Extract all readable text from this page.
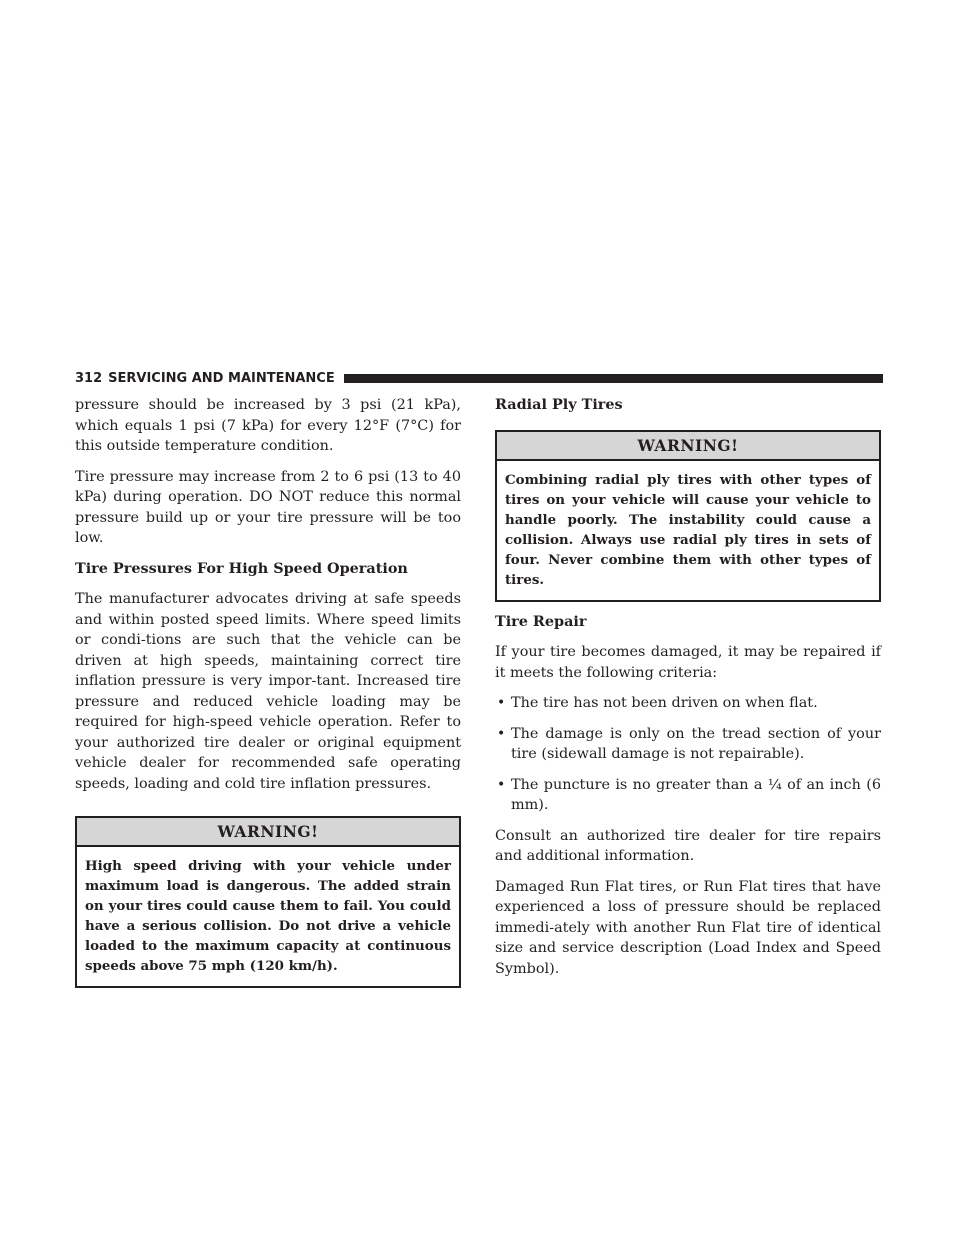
312 SERVICING AND MAINTENANCE

pressure should be increased by 3 psi (21 kPa), which equals 1 psi (7 kPa) for every 12°F (7°C) for this outside temperature condition.

Tire pressure may increase from 2 to 6 psi (13 to 40 kPa) during operation. DO NOT reduce this normal pressure build up or your tire pressure will be too low.

Tire Pressures For High Speed Operation

The manufacturer advocates driving at safe speeds and within posted speed limits. Where speed limits or condi-tions are such that the vehicle can be driven at high speeds, maintaining correct tire inflation pressure is very impor-tant. Increased tire pressure and reduced vehicle loading may be required for high-speed vehicle operation. Refer to your authorized tire dealer or original equipment vehicle dealer for recommended safe operating speeds, loading and cold tire inflation pressures.

WARNING!
High speed driving with your vehicle under maximum load is dangerous. The added strain on your tires could cause them to fail. You could have a serious collision. Do not drive a vehicle loaded to the maximum capacity at continuous speeds above 75 mph (120 km/h).
Radial Ply Tires
WARNING!
Combining radial ply tires with other types of tires on your vehicle will cause your vehicle to handle poorly. The instability could cause a collision. Always use radial ply tires in sets of four. Never combine them with other types of tires.
Tire Repair

If your tire becomes damaged, it may be repaired if it meets the following criteria:

• The tire has not been driven on when flat.
• The damage is only on the tread section of your tire (sidewall damage is not repairable).
• The puncture is no greater than a ¼ of an inch (6 mm).

Consult an authorized tire dealer for tire repairs and additional information.

Damaged Run Flat tires, or Run Flat tires that have experienced a loss of pressure should be replaced immedi-ately with another Run Flat tire of identical size and service description (Load Index and Speed Symbol).
